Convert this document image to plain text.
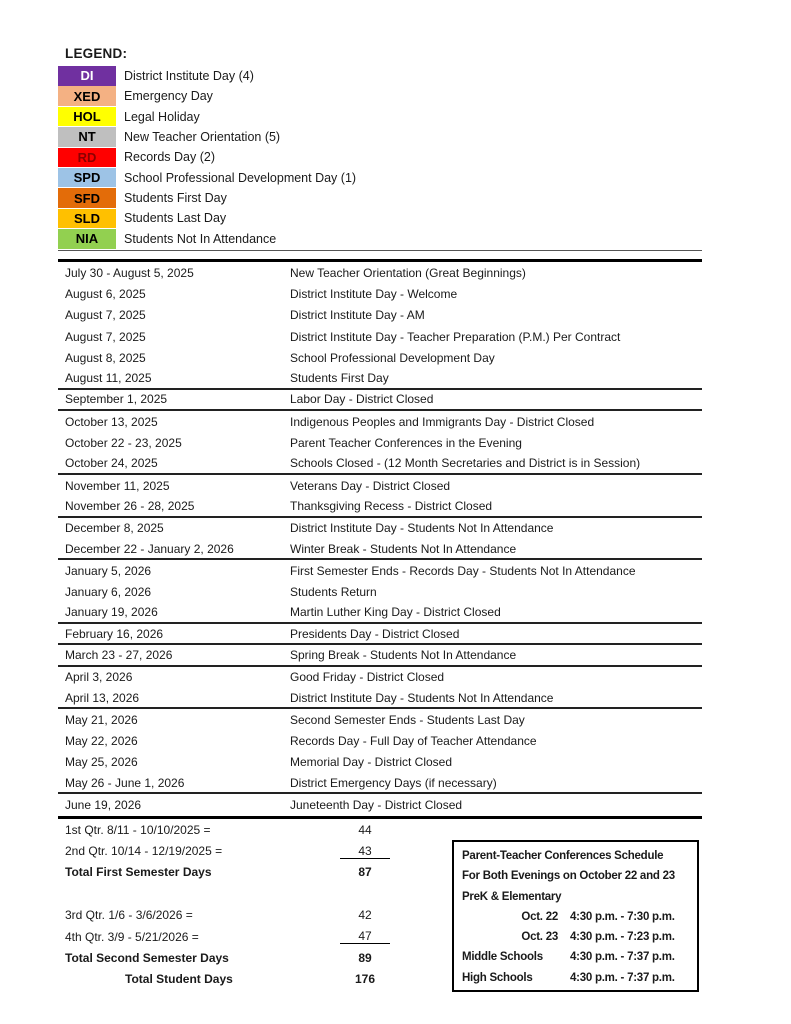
LEGEND:
DI	District Institute Day (4)
XED	Emergency Day
HOL	Legal Holiday
NT	New Teacher Orientation (5)
RD	Records Day (2)
SPD	School Professional Development Day (1)
SFD	Students First Day
SLD	Students Last Day
NIA	Students Not In Attendance
July 30 - August 5, 2025	New Teacher Orientation (Great Beginnings)
August 6, 2025	District Institute Day - Welcome
August 7, 2025	District Institute Day - AM
August 7, 2025	District Institute Day - Teacher Preparation (P.M.) Per Contract
August 8, 2025	School Professional Development Day
August 11, 2025	Students First Day
September 1, 2025	Labor Day - District Closed
October 13, 2025	Indigenous Peoples and Immigrants Day - District Closed
October 22 - 23, 2025	Parent Teacher Conferences in the Evening
October 24, 2025	Schools Closed - (12 Month Secretaries and District is in Session)
November 11, 2025	Veterans Day - District Closed
November 26 - 28, 2025	Thanksgiving Recess - District Closed
December 8, 2025	District Institute Day - Students Not In Attendance
December 22 - January 2, 2026	Winter Break - Students Not In Attendance
January 5, 2026	First Semester Ends - Records Day - Students Not In Attendance
January 6, 2026	Students Return
January 19, 2026	Martin Luther King Day - District Closed
February 16, 2026	Presidents Day - District Closed
March 23 - 27, 2026	Spring Break - Students Not In Attendance
April 3, 2026	Good Friday - District Closed
April 13, 2026	District Institute Day - Students Not In Attendance
May 21, 2026	Second Semester Ends - Students Last Day
May 22, 2026	Records Day - Full Day of Teacher Attendance
May 25, 2026	Memorial Day - District Closed
May 26 - June 1, 2026	District Emergency Days (if necessary)
June 19, 2026	Juneteenth Day - District Closed
1st Qtr. 8/11 - 10/10/2025 =	44
2nd Qtr. 10/14 - 12/19/2025 =	43
Total First Semester Days	87
3rd Qtr. 1/6 - 3/6/2026 =	42
4th Qtr. 3/9 - 5/21/2026 =	47
Total Second Semester Days	89
Total Student Days	176
Parent-Teacher Conferences Schedule
For Both Evenings on October 22 and 23
PreK & Elementary
Oct. 22 4:30 p.m. - 7:30 p.m.
Oct. 23 4:30 p.m. - 7:23 p.m.
Middle Schools	4:30 p.m. - 7:37 p.m.
High Schools	4:30 p.m. - 7:37 p.m.
